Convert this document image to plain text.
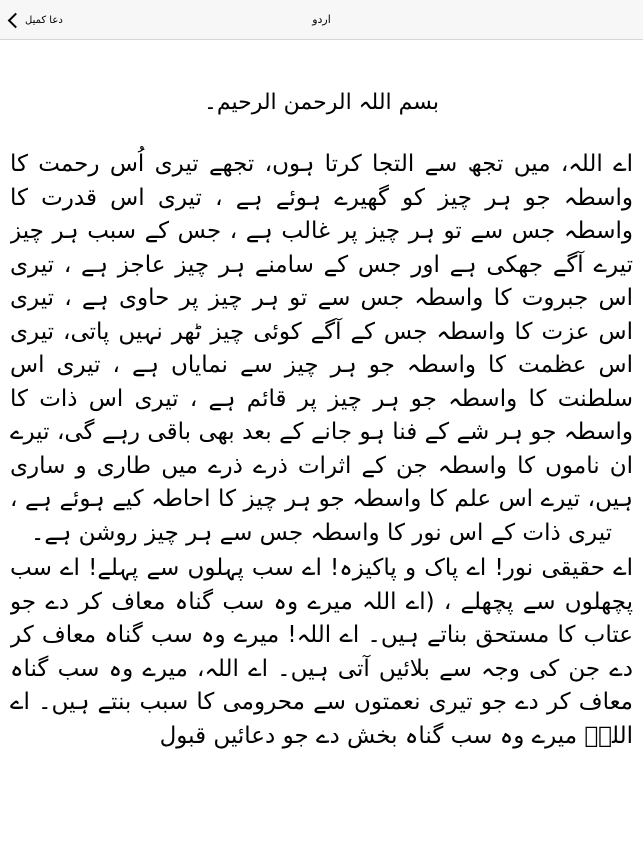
دعا کمیل	اردو

بسم اللہ الرحمن الرحیم۔

اے اللہ، میں تجھ سے التجا کرتا ہوں، تجھے تیری اُس رحمت کا واسطہ جو ہر چیز کو گھیرے ہوئے ہے ، تیری اس قدرت کا واسطہ جس سے تو ہر چیز پر غالب ہے ، جس کے سبب ہر چیز تیرے آگے جھکی ہے اور جس کے سامنے ہر چیز عاجز ہے ، تیری اس جبروت کا واسطہ جس سے تو ہر چیز پر حاوی ہے ، تیری اس عزت کا واسطہ جس کے آگے کوئی چیز ٹھر نہیں پاتی، تیری اس عظمت کا واسطہ جو ہر چیز سے نمایاں ہے ، تیری اس سلطنت کا واسطہ جو ہر چیز پر قائم ہے ، تیری اس ذات کا واسطہ جو ہر شے کے فنا ہو جانے کے بعد بھی باقی رہے گی، تیرے ان ناموں کا واسطہ جن کے اثرات ذرے ذرے میں طاری و ساری ہیں، تیرے اس علم کا واسطہ جو ہر چیز کا احاطہ کیے ہوئے ہے ، تیری ذات کے اس نور کا واسطہ جس سے ہر چیز روشن ہے۔

اے حقیقی نور! اے پاک و پاکیزہ! اے سب پہلوں سے پہلے! اے سب پچھلوں سے پچھلے ، (اے اللہ میرے وہ سب گناہ معاف کر دے جو عتاب کا مستحق بناتے ہیں۔ اے اللہ! میرے وہ سب گناہ معاف کر دے جن کی وجہ سے بلائیں آتی ہیں۔ اے اللہ، میرے وہ سب گناہ معاف کر دے جو تیری نعمتوں سے محرومی کا سبب بنتے ہیں۔ اے اللہؑ میرے وہ سب گناہ بخش دے جو دعائیں قبول
